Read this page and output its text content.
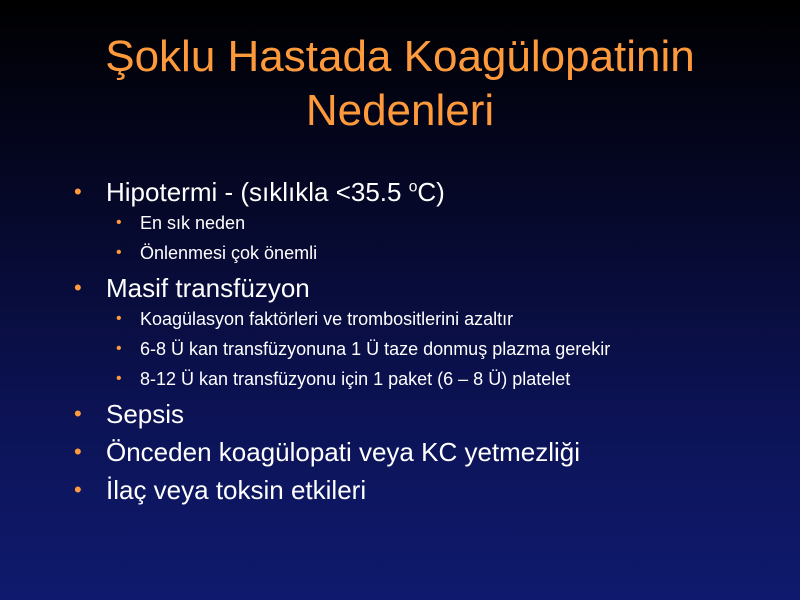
Şoklu Hastada Koagülopatinin
Nedenleri
• Hipotermi - (sıklıkla <35.5 $^o$C)
• En sık neden
• Önlenmesi çok önemli
• Masif transfüzyon
• Koagülasyon faktörleri ve trombositlerini azaltır
• 6-8 Ü kan transfüzyonuna 1 Ü taze donmuş plazma gerekir
• 8-12 Ü kan transfüzyonu için 1 paket (6 – 8 Ü) platelet
• Sepsis
• Önceden koagülopati veya KC yetmezliği
• İlaç veya toksin etkileri
